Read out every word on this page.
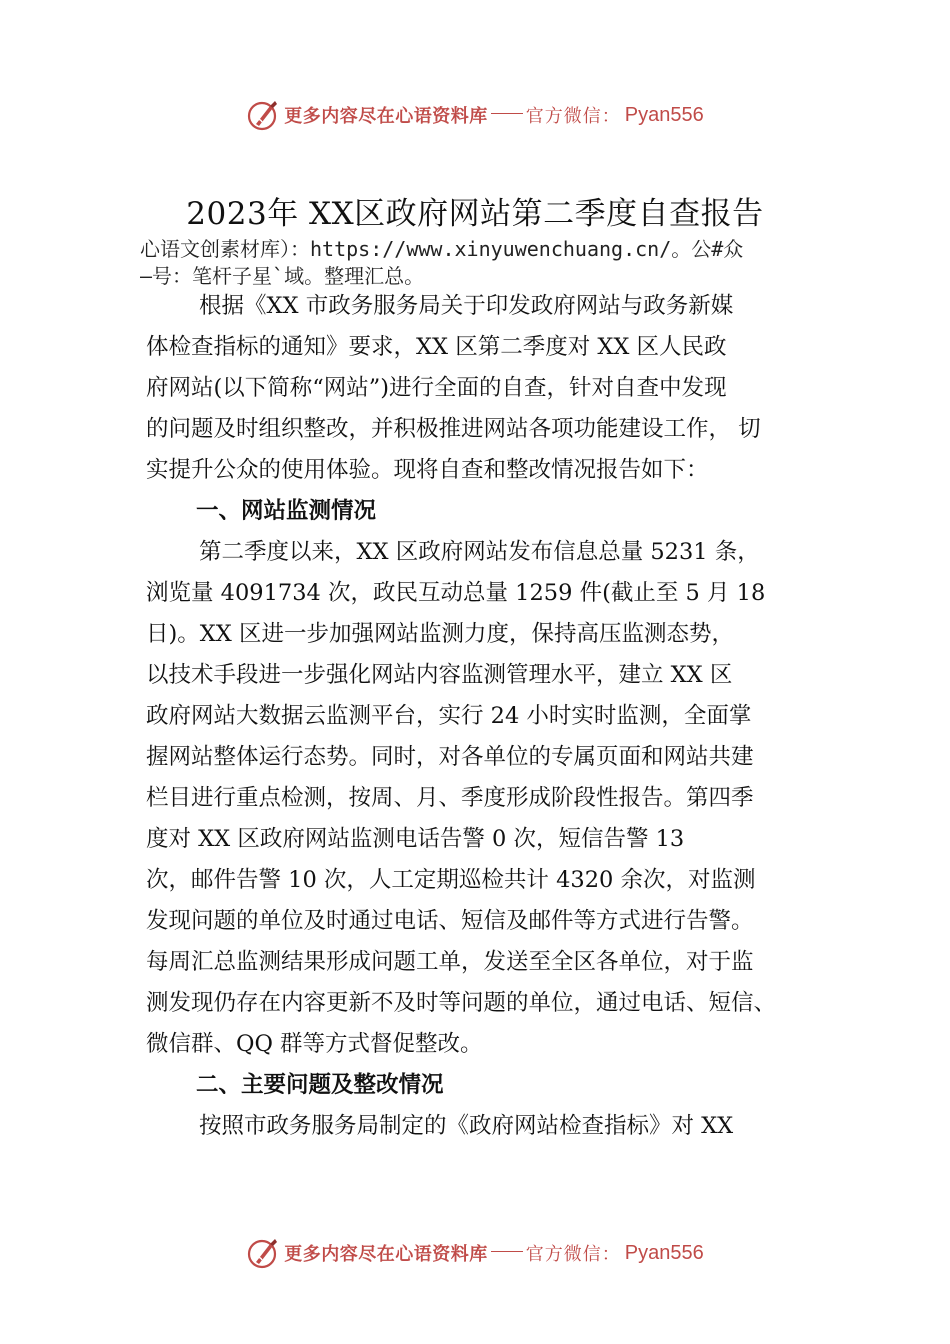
更多内容尽在心语资料库 官方微信： Pyan556
2023年 XX区政府网站第二季度自查报告
心语文创素材库）：https://www.xinyuwenchuang.cn/。公#众
—号：笔杆子星`域。整理汇总。
根据《XX 市政务服务局关于印发政府网站与政务新媒
体检查指标的通知》要求，XX 区第二季度对 XX 区人民政
府网站(以下简称“网站”)进行全面的自查，针对自查中发现
的问题及时组织整改，并积极推进网站各项功能建设工作， 切
实提升公众的使用体验。现将自查和整改情况报告如下：
一、网站监测情况
第二季度以来，XX 区政府网站发布信息总量 5231 条，
浏览量 4091734 次，政民互动总量 1259 件(截止至 5 月 18
日)。XX 区进一步加强网站监测力度，保持高压监测态势，
以技术手段进一步强化网站内容监测管理水平，建立 XX 区
政府网站大数据云监测平台，实行 24 小时实时监测，全面掌
握网站整体运行态势。同时，对各单位的专属页面和网站共建
栏目进行重点检测，按周、月、季度形成阶段性报告。第四季
度对 XX 区政府网站监测电话告警 0 次，短信告警 13
次，邮件告警 10 次，人工定期巡检共计 4320 余次，对监测
发现问题的单位及时通过电话、短信及邮件等方式进行告警。
每周汇总监测结果形成问题工单，发送至全区各单位，对于监
测发现仍存在内容更新不及时等问题的单位，通过电话、短信、
微信群、QQ 群等方式督促整改。
二、主要问题及整改情况
按照市政务服务局制定的《政府网站检查指标》对 XX
更多内容尽在心语资料库 官方微信： Pyan556
